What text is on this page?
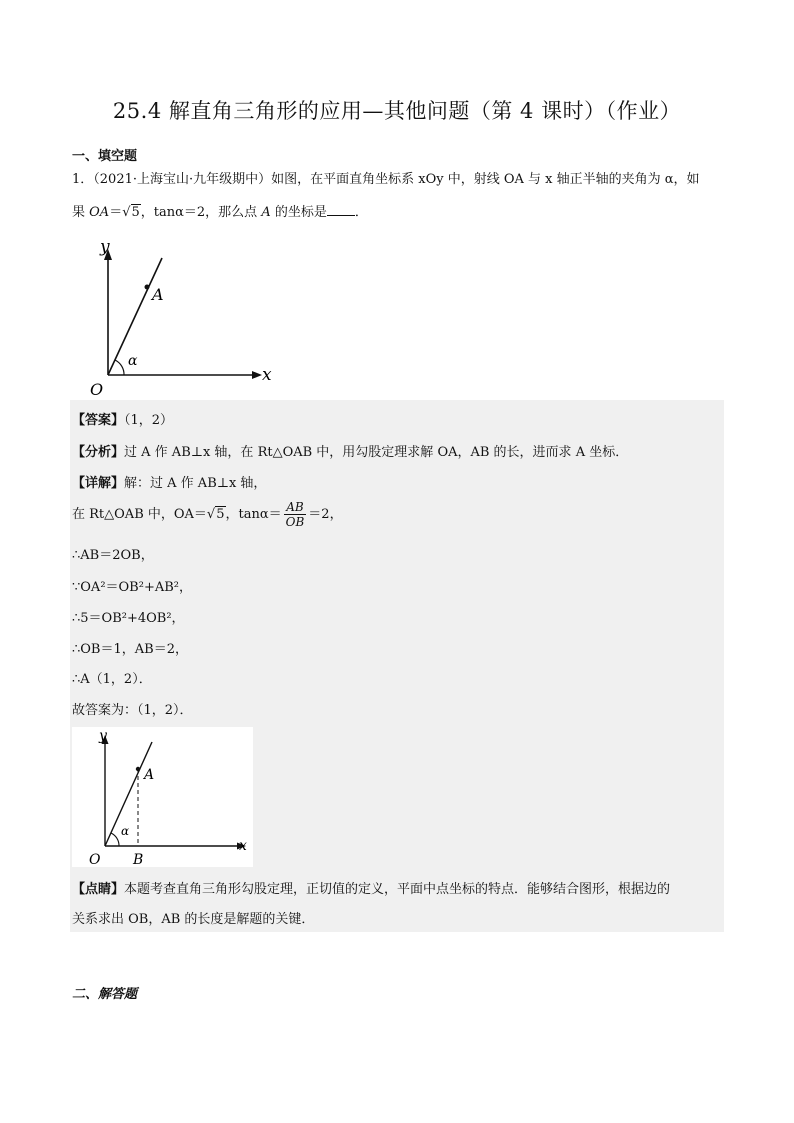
25.4 解直角三角形的应用—其他问题（第 4 课时）（作业）
一、填空题
1．（2021·上海宝山·九年级期中）如图，在平面直角坐标系 xOy 中，射线 OA 与 x 轴正半轴的夹角为 α，如
果 OA＝√5，tanα＝2，那么点 A 的坐标是 ．
y
x
O
A
α
【答案】（1，2）
【分析】过 A 作 AB⊥x 轴，在 Rt△OAB 中，用勾股定理求解 OA，AB 的长，进而求 A 坐标．
【详解】解：过 A 作 AB⊥x 轴，
在 Rt△OAB 中，OA＝√5，$\tan\alpha= \frac{AB}{OB} =2$，
∴AB＝2OB，
∵OA²＝OB²+AB²，
∴5＝OB²+4OB²，
∴OB＝1，AB＝2，
∴A（1，2）．
故答案为：（1，2）．
y
x
O
A
B
α
【点睛】本题考查直角三角形勾股定理，正切值的定义，平面中点坐标的特点．能够结合图形，根据边的
关系求出 OB，AB 的长度是解题的关键．
二、解答题
